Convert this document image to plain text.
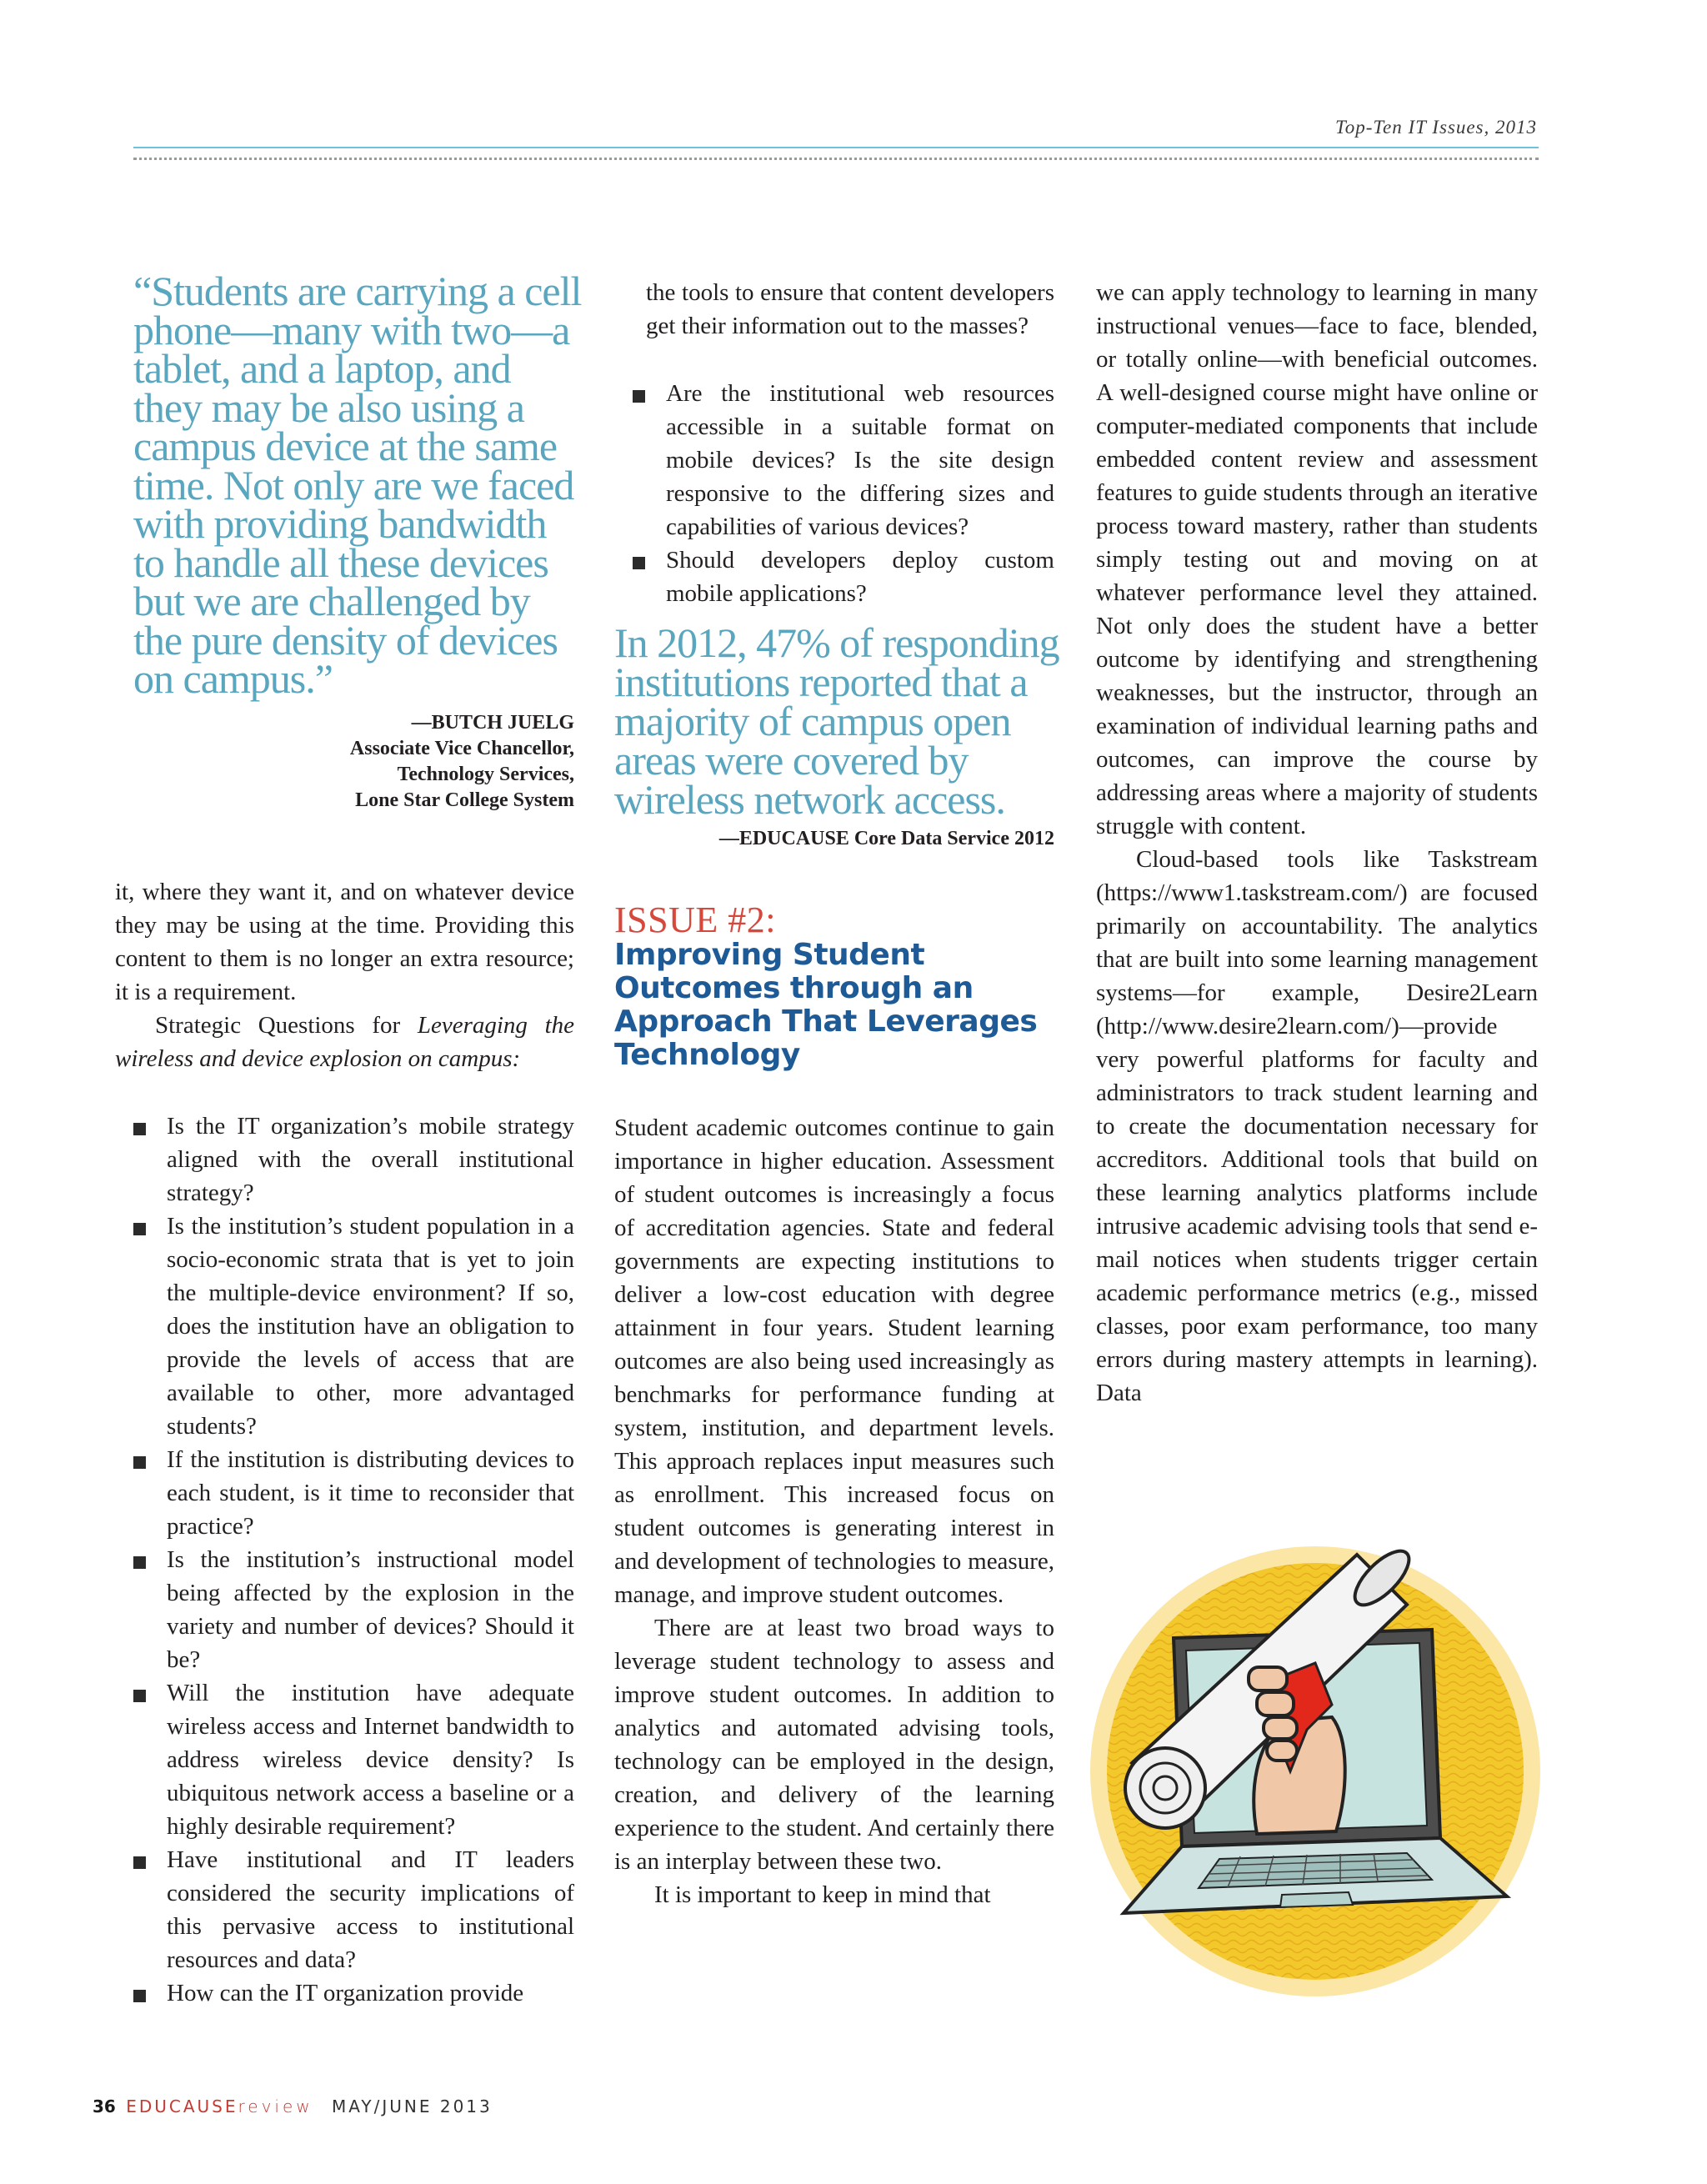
Top-Ten IT Issues, 2013
“Students are carrying a cell phone—many with two—a tablet, and a laptop, and they may be also using a campus device at the same time. Not only are we faced with providing bandwidth to handle all these devices but we are challenged by the pure density of devices on campus.”
—BUTCH JUELG
Associate Vice Chancellor,
Technology Services,
Lone Star College System

it, where they want it, and on whatever device they may be using at the time. Providing this content to them is no longer an extra resource; it is a requirement.

Strategic Questions for Leveraging the wireless and device explosion on campus:

Is the IT organization’s mobile strategy aligned with the overall institutional strategy?
Is the institution’s student population in a socio-economic strata that is yet to join the multiple-device environment? If so, does the institution have an obligation to provide the levels of access that are available to other, more advantaged students?
If the institution is distributing devices to each student, is it time to reconsider that practice?
Is the institution’s instructional model being affected by the explosion in the variety and number of devices? Should it be?
Will the institution have adequate wireless access and Internet bandwidth to address wireless device density? Is ubiquitous network access a baseline or a highly desirable requirement?
Have institutional and IT leaders considered the security implications of this pervasive access to institutional resources and data?
How can the IT organization provide

the tools to ensure that content developers get their information out to the masses?

Are the institutional web resources accessible in a suitable format on mobile devices? Is the site design responsive to the differing sizes and capabilities of various devices?
Should developers deploy custom mobile applications?
In 2012, 47% of responding institutions reported that a majority of campus open areas were covered by wireless network access.
—EDUCAUSE Core Data Service 2012
ISSUE #2:
Improving Student Outcomes through an Approach That Leverages Technology

Student academic outcomes continue to gain importance in higher education. Assessment of student outcomes is increasingly a focus of accreditation agencies. State and federal governments are expecting institutions to deliver a low-cost education with degree attainment in four years. Student learning outcomes are also being used increasingly as benchmarks for performance funding at system, institution, and department levels. This approach replaces input measures such as enrollment. This increased focus on student outcomes is generating interest in and development of technologies to measure, manage, and improve student outcomes.

There are at least two broad ways to leverage student technology to assess and improve student outcomes. In addition to analytics and automated advising tools, technology can be employed in the design, creation, and delivery of the learning experience to the student. And certainly there is an interplay between these two.

It is important to keep in mind that

we can apply technology to learning in many instructional venues—face to face, blended, or totally online—with beneficial outcomes. A well-designed course might have online or computer-mediated components that include embedded content review and assessment features to guide students through an iterative process toward mastery, rather than students simply testing out and moving on at whatever performance level they attained. Not only does the student have a better outcome by identifying and strengthening weaknesses, but the instructor, through an examination of individual learning paths and outcomes, can improve the course by addressing areas where a majority of students struggle with content.

Cloud-based tools like Taskstream (https://www1.taskstream.com/) are focused primarily on accountability. The analytics that are built into some learning management systems—for example, Desire2Learn (http://www.desire2learn.com/)—provide very powerful platforms for faculty and administrators to track student learning and to create the documentation necessary for accreditors. Additional tools that build on these learning analytics platforms include intrusive academic advising tools that send e-mail notices when students trigger certain academic performance metrics (e.g., missed classes, poor exam performance, too many errors during mastery attempts in learning). Data

36 EDUCAUSEreview MAY/JUNE 2013
